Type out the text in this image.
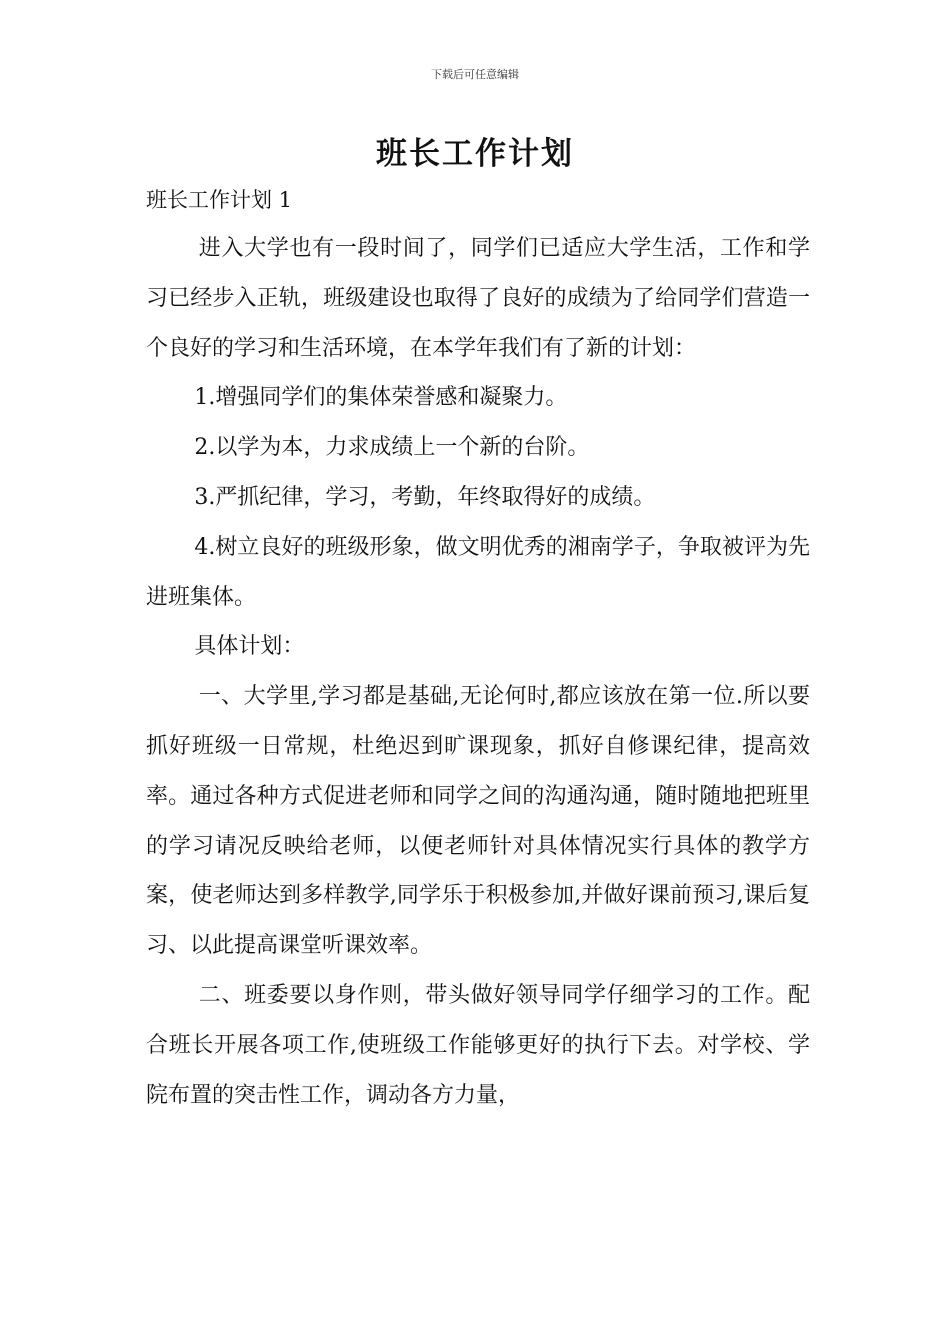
下载后可任意编辑
班长工作计划
班长工作计划 1

进入大学也有一段时间了，同学们已适应大学生活，工作和学习已经步入正轨，班级建设也取得了良好的成绩为了给同学们营造一个良好的学习和生活环境，在本学年我们有了新的计划：

1.增强同学们的集体荣誉感和凝聚力。

2.以学为本，力求成绩上一个新的台阶。

3.严抓纪律，学习，考勤，年终取得好的成绩。

4.树立良好的班级形象，做文明优秀的湘南学子，争取被评为先进班集体。

具体计划：

一、大学里,学习都是基础,无论何时,都应该放在第一位.所以要抓好班级一日常规，杜绝迟到旷课现象，抓好自修课纪律，提高效率。通过各种方式促进老师和同学之间的沟通沟通，随时随地把班里的学习请况反映给老师，以便老师针对具体情况实行具体的教学方案，使老师达到多样教学,同学乐于积极参加,并做好课前预习,课后复习、以此提高课堂听课效率。

二、班委要以身作则，带头做好领导同学仔细学习的工作。配合班长开展各项工作,使班级工作能够更好的执行下去。对学校、学院布置的突击性工作，调动各方力量，
